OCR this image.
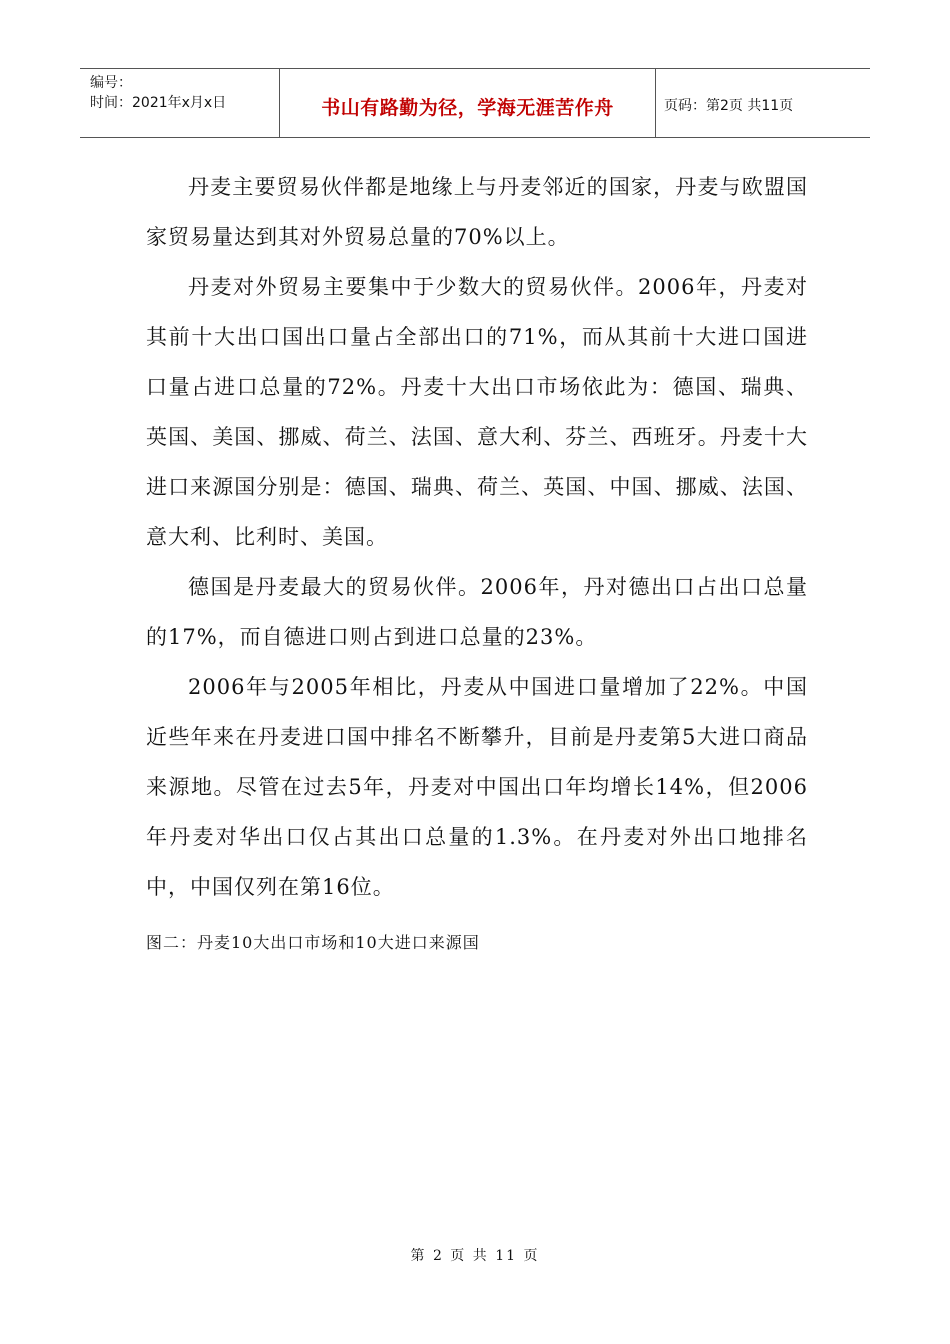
编号：
时间：2021年x月x日	书山有路勤为径，学海无涯苦作舟	页码：第2页 共11页

丹麦主要贸易伙伴都是地缘上与丹麦邻近的国家，丹麦与欧盟国家贸易量达到其对外贸易总量的70%以上。

丹麦对外贸易主要集中于少数大的贸易伙伴。2006年，丹麦对其前十大出口国出口量占全部出口的71%，而从其前十大进口国进口量占进口总量的72%。丹麦十大出口市场依此为：德国、瑞典、英国、美国、挪威、荷兰、法国、意大利、芬兰、西班牙。丹麦十大进口来源国分别是：德国、瑞典、荷兰、英国、中国、挪威、法国、意大利、比利时、美国。

德国是丹麦最大的贸易伙伴。2006年，丹对德出口占出口总量的17%，而自德进口则占到进口总量的23%。

2006年与2005年相比，丹麦从中国进口量增加了22%。中国近些年来在丹麦进口国中排名不断攀升，目前是丹麦第5大进口商品来源地。尽管在过去5年，丹麦对中国出口年均增长14%，但2006年丹麦对华出口仅占其出口总量的1.3%。在丹麦对外出口地排名中，中国仅列在第16位。

图二：丹麦10大出口市场和10大进口来源国
第 2 页 共 11 页
